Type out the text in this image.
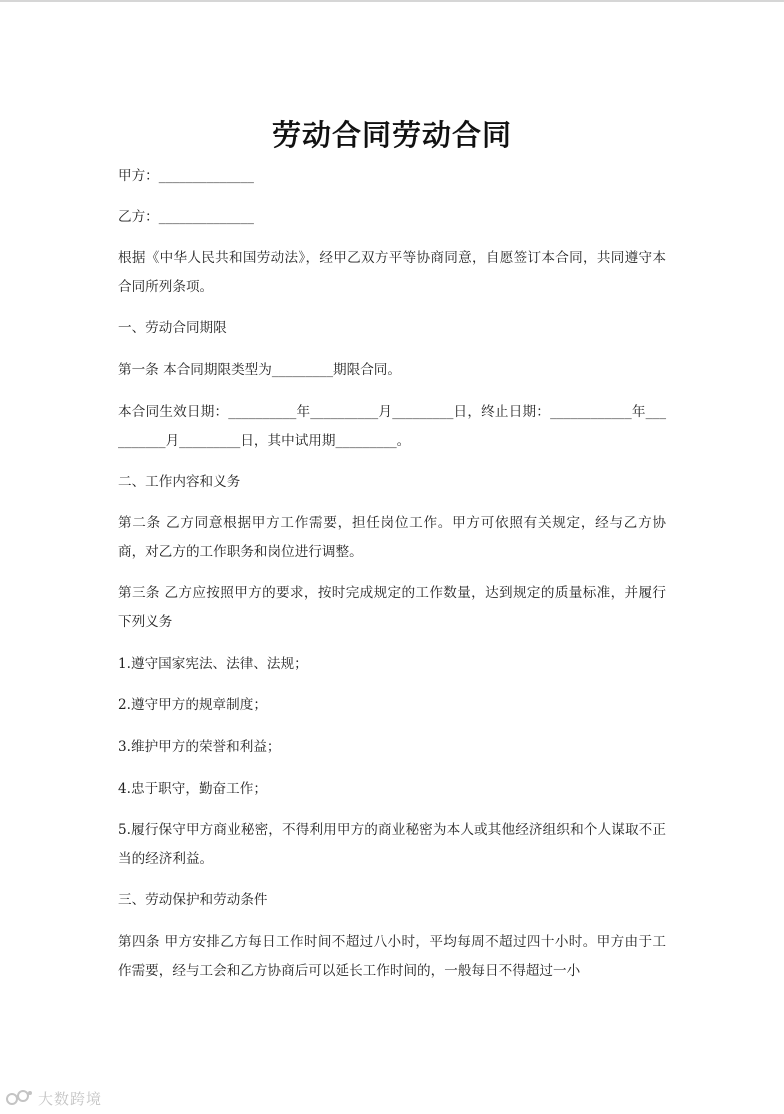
劳动合同劳动合同

甲方：______________

乙方：______________

根据《中华人民共和国劳动法》，经甲乙双方平等协商同意，自愿签订本合同，共同遵守本合同所列条项。

一、劳动合同期限

第一条 本合同期限类型为_________期限合同。

本合同生效日期：__________年__________月_________日，终止日期：____________年__________月_________日，其中试用期_________。

二、工作内容和义务

第二条 乙方同意根据甲方工作需要，担任岗位工作。甲方可依照有关规定，经与乙方协商，对乙方的工作职务和岗位进行调整。

第三条 乙方应按照甲方的要求，按时完成规定的工作数量，达到规定的质量标准，并履行下列义务

1.遵守国家宪法、法律、法规；

2.遵守甲方的规章制度；

3.维护甲方的荣誉和利益；

4.忠于职守，勤奋工作；

5.履行保守甲方商业秘密，不得利用甲方的商业秘密为本人或其他经济组织和个人谋取不正当的经济利益。

三、劳动保护和劳动条件

第四条 甲方安排乙方每日工作时间不超过八小时，平均每周不超过四十小时。甲方由于工作需要，经与工会和乙方协商后可以延长工作时间的，一般每日不得超过一小

大数跨境
